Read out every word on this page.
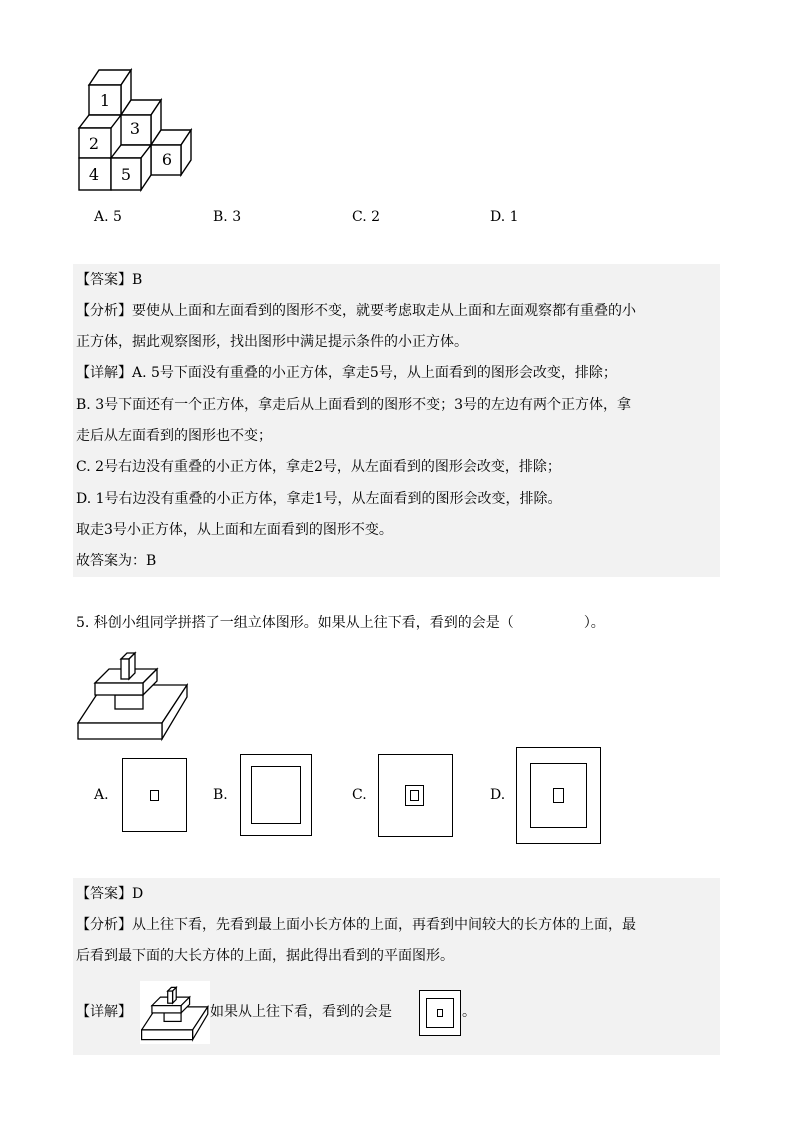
1
3
2
6
4 5
A. 5	B. 3	C. 2	D. 1
【答案】B
【分析】要使从上面和左面看到的图形不变，就要考虑取走从上面和左面观察都有重叠的小
正方体，据此观察图形，找出图形中满足提示条件的小正方体。
【详解】A. 5号下面没有重叠的小正方体，拿走5号，从上面看到的图形会改变，排除；
B. 3号下面还有一个正方体，拿走后从上面看到的图形不变；3号的左边有两个正方体，拿
走后从左面看到的图形也不变；
C. 2号右边没有重叠的小正方体，拿走2号，从左面看到的图形会改变，排除；
D. 1号右边没有重叠的小正方体，拿走1号，从左面看到的图形会改变，排除。
取走3号小正方体，从上面和左面看到的图形不变。
故答案为：B
5. 科创小组同学拼搭了一组立体图形。如果从上往下看，看到的会是（	）。
A.	B.	C.	D.
【答案】D
【分析】从上往下看，先看到最上面小长方体的上面，再看到中间较大的长方体的上面，最
后看到最下面的大长方体的上面，据此得出看到的平面图形。
【详解】	如果从上往下看，看到的会是	。
